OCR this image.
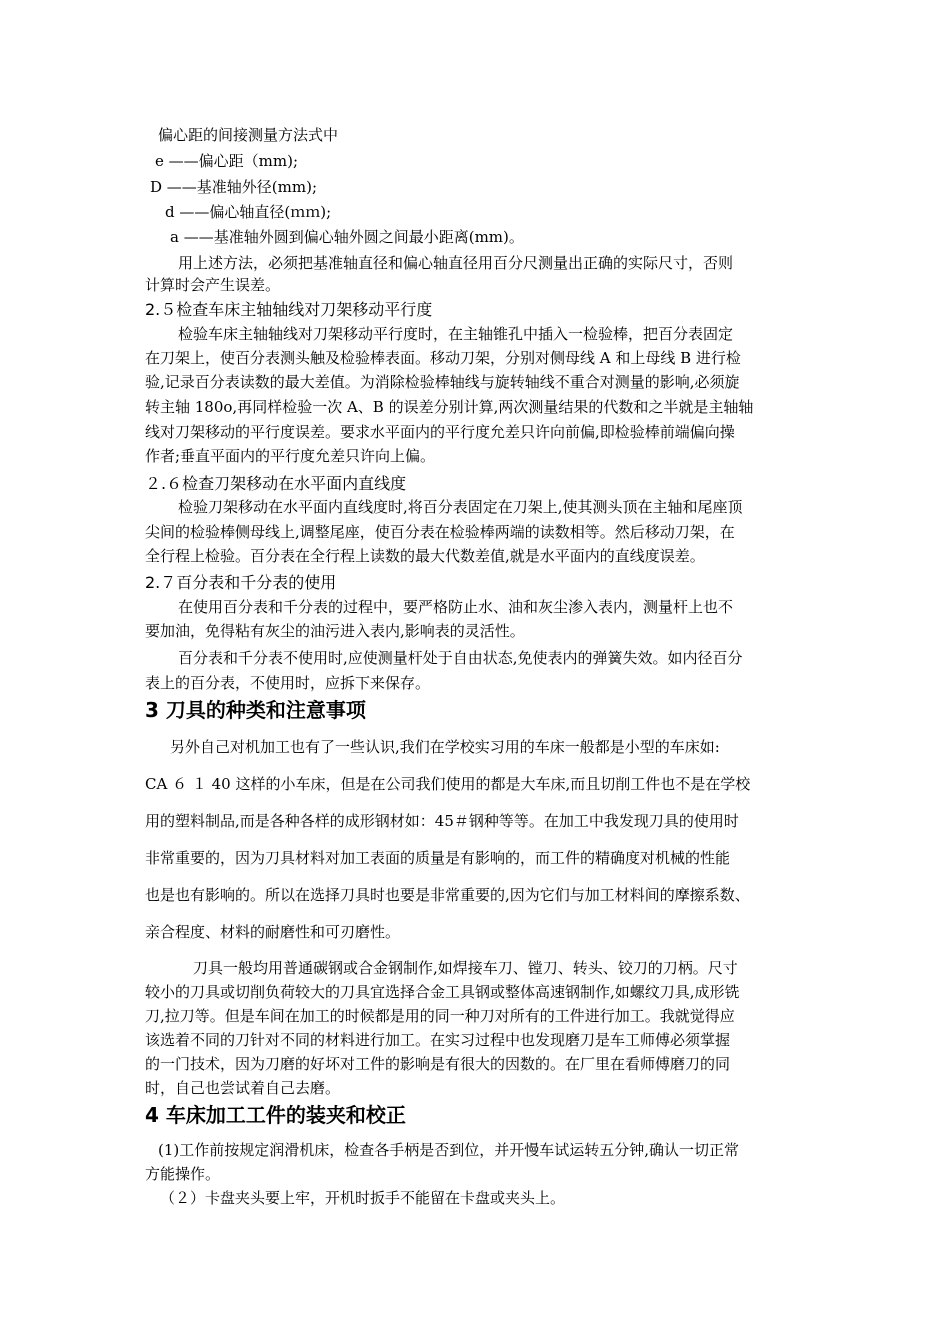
偏心距的间接测量方法式中
e ——偏心距（mm);
D ——基准轴外径(mm);
d ——偏心轴直径(ｍｍ);
a ——基准轴外圆到偏心轴外圆之间最小距离(mm)。
用上述方法，必须把基准轴直径和偏心轴直径用百分尺测量出正确的实际尺寸，否则
计算时会产生误差。
2.５检查车床主轴轴线对刀架移动平行度
检验车床主轴轴线对刀架移动平行度时，在主轴锥孔中插入一检验棒，把百分表固定
在刀架上，使百分表测头触及检验棒表面。移动刀架，分别对侧母线 A 和上母线 B 进行检
验,记录百分表读数的最大差值。为消除检验棒轴线与旋转轴线不重合对测量的影响,必须旋
转主轴 180o,再同样检验一次 A、B 的误差分别计算,两次测量结果的代数和之半就是主轴轴
线对刀架移动的平行度误差。要求水平面内的平行度允差只许向前偏,即检验棒前端偏向操
作者;垂直平面内的平行度允差只许向上偏。
２.６检查刀架移动在水平面内直线度
检验刀架移动在水平面内直线度时,将百分表固定在刀架上,使其测头顶在主轴和尾座顶
尖间的检验棒侧母线上,调整尾座，使百分表在检验棒两端的读数相等。然后移动刀架，在
全行程上检验。百分表在全行程上读数的最大代数差值,就是水平面内的直线度误差。
2.７百分表和千分表的使用
在使用百分表和千分表的过程中，要严格防止水、油和灰尘渗入表内，测量杆上也不
要加油，免得粘有灰尘的油污进入表内,影响表的灵活性。
百分表和千分表不使用时,应使测量杆处于自由状态,免使表内的弹簧失效。如内径百分
表上的百分表，不使用时，应拆下来保存。
3 刀具的种类和注意事项
另外自己对机加工也有了一些认识,我们在学校实习用的车床一般都是小型的车床如:
CA ６ １ 40 这样的小车床，但是在公司我们使用的都是大车床,而且切削工件也不是在学校
用的塑料制品,而是各种各样的成形钢材如：45＃钢种等等。在加工中我发现刀具的使用时
非常重要的，因为刀具材料对加工表面的质量是有影响的，而工件的精确度对机械的性能
也是也有影响的。所以在选择刀具时也要是非常重要的,因为它们与加工材料间的摩擦系数、
亲合程度、材料的耐磨性和可刃磨性。
刀具一般均用普通碳钢或合金钢制作,如焊接车刀、镗刀、转头、铰刀的刀柄。尺寸
较小的刀具或切削负荷较大的刀具宜选择合金工具钢或整体高速钢制作,如螺纹刀具,成形铣
刀,拉刀等。但是车间在加工的时候都是用的同一种刀对所有的工件进行加工。我就觉得应
该选着不同的刀针对不同的材料进行加工。在实习过程中也发现磨刀是车工师傅必须掌握
的一门技术，因为刀磨的好坏对工件的影响是有很大的因数的。在厂里在看师傅磨刀的同
时，自己也尝试着自己去磨。
4 车床加工工件的装夹和校正
(1)工作前按规定润滑机床，检查各手柄是否到位，并开慢车试运转五分钟,确认一切正常
方能操作。
（２）卡盘夹头要上牢，开机时扳手不能留在卡盘或夹头上。
